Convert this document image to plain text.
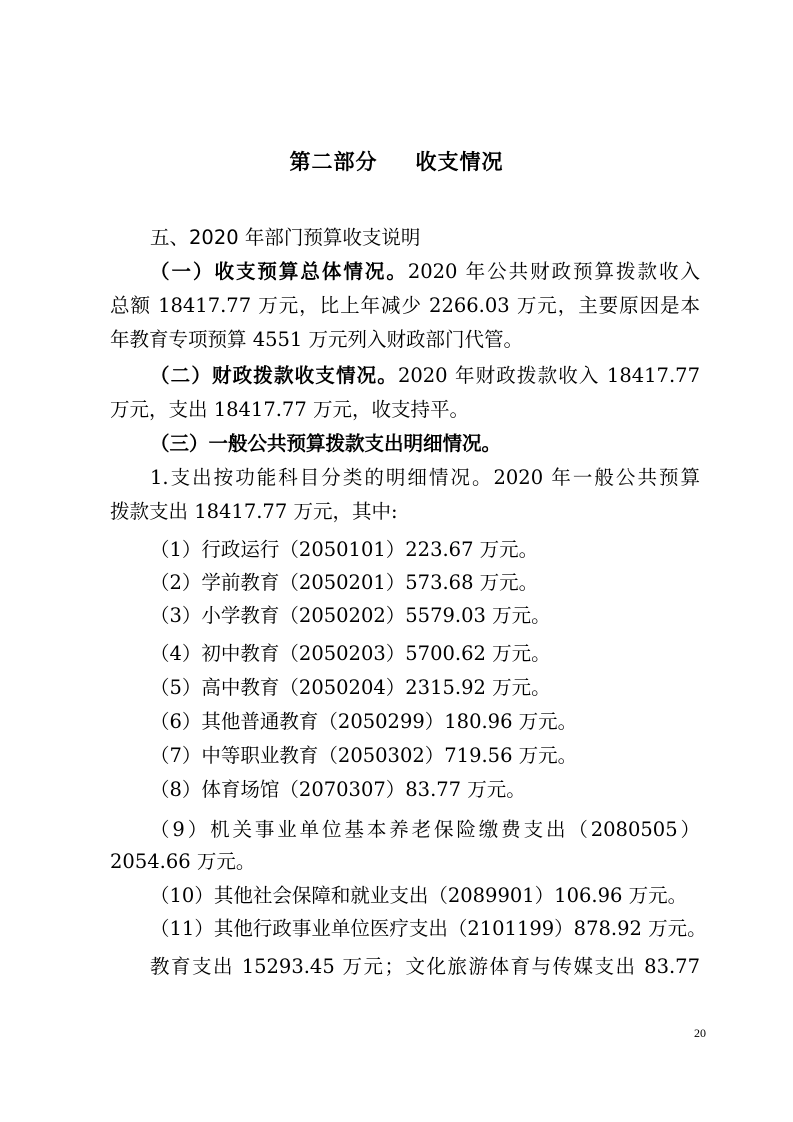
第二部分 收支情况
五、2020 年部门预算收支说明
（一）收支预算总体情况。2020 年公共财政预算拨款收入
总额 18417.77 万元，比上年减少 2266.03 万元，主要原因是本
年教育专项预算 4551 万元列入财政部门代管。
（二）财政拨款收支情况。2020 年财政拨款收入 18417.77
万元，支出 18417.77 万元，收支持平。
（三）一般公共预算拨款支出明细情况。
1.支出按功能科目分类的明细情况。2020 年一般公共预算
拨款支出 18417.77 万元，其中:
（1）行政运行（2050101）223.67 万元。
（2）学前教育（2050201）573.68 万元。
（3）小学教育（2050202）5579.03 万元。
（4）初中教育（2050203）5700.62 万元。
（5）高中教育（2050204）2315.92 万元。
（6）其他普通教育（2050299）180.96 万元。
（7）中等职业教育（2050302）719.56 万元。
（8）体育场馆（2070307）83.77 万元。
（9）机关事业单位基本养老保险缴费支出（2080505）
2054.66 万元。
（10）其他社会保障和就业支出（2089901）106.96 万元。
（11）其他行政事业单位医疗支出（2101199）878.92 万元。
教育支出 15293.45 万元；文化旅游体育与传媒支出 83.77
20
